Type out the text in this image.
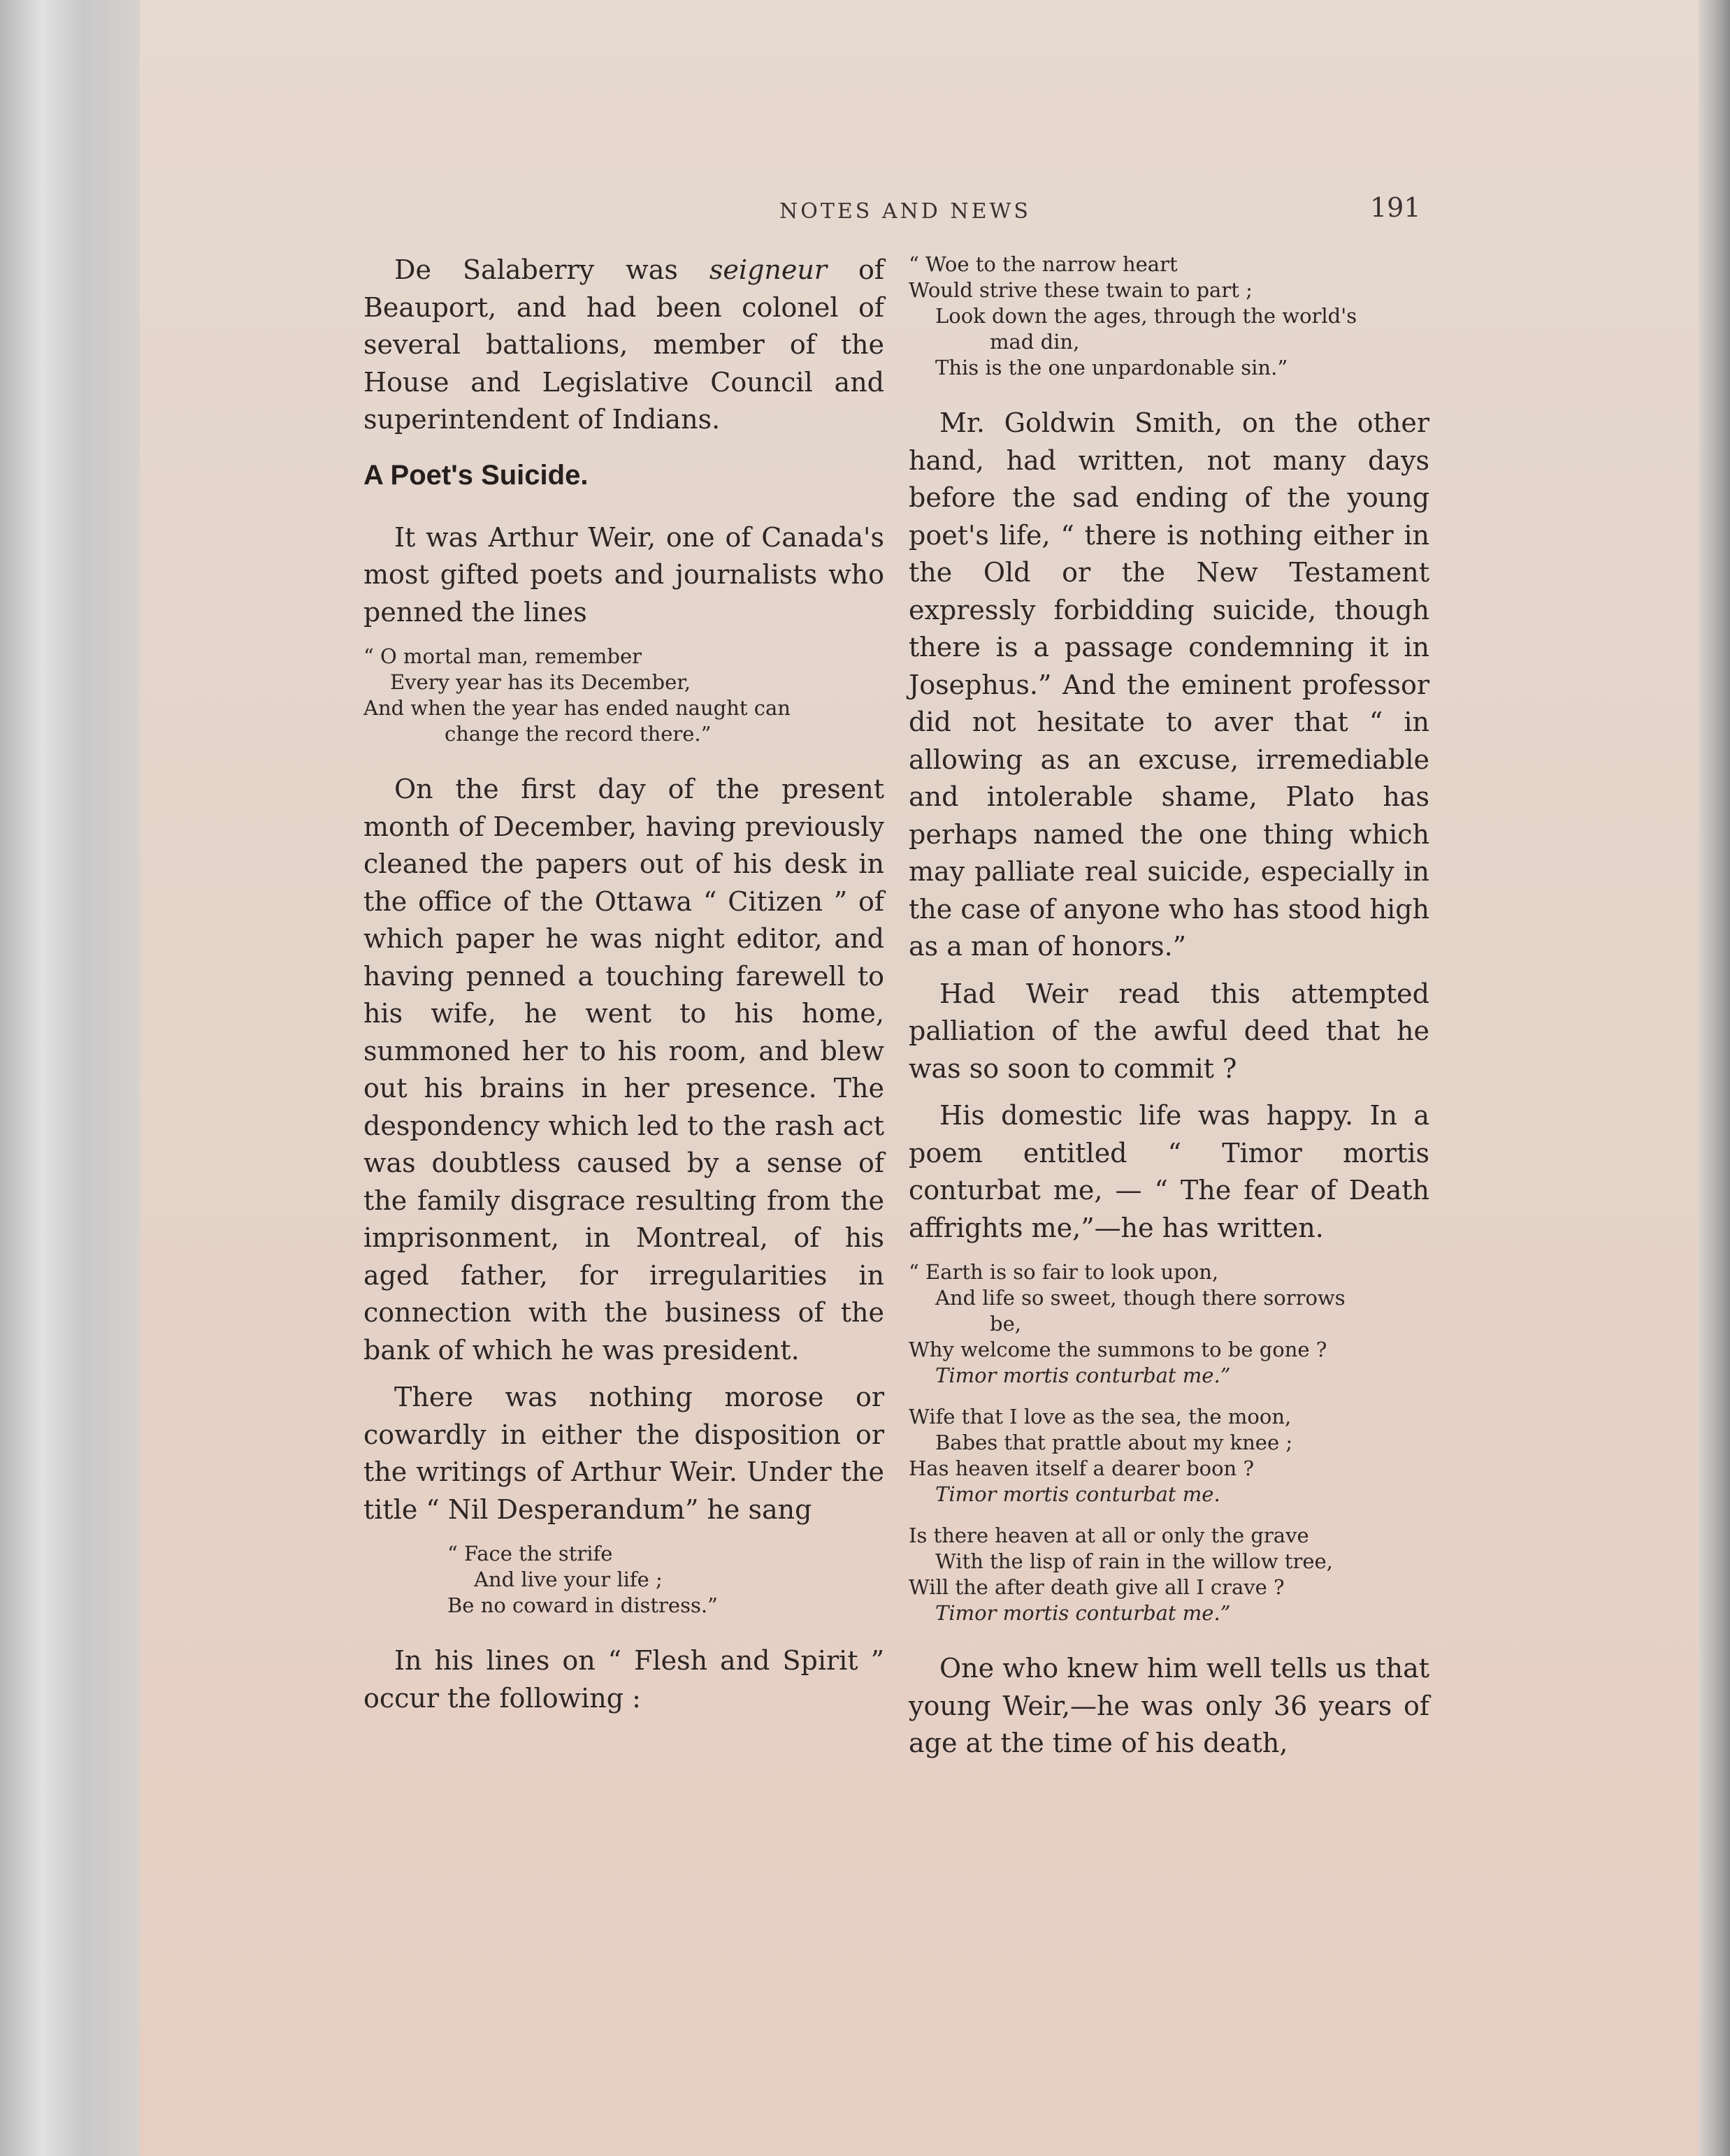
NOTES AND NEWS	191

De Salaberry was seigneur of Beauport, and had been colonel of several battalions, member of the House and Legislative Council and superintendent of Indians.

A Poet's Suicide.

It was Arthur Weir, one of Canada's most gifted poets and journalists who penned the lines

“ O mortal man, remember
Every year has its December,
And when the year has ended naught can
change the record there.”

On the first day of the present month of December, having previously cleaned the papers out of his desk in the office of the Ottawa “ Citizen ” of which paper he was night editor, and having penned a touching farewell to his wife, he went to his home, summoned her to his room, and blew out his brains in her presence. The despondency which led to the rash act was doubtless caused by a sense of the family disgrace resulting from the imprisonment, in Montreal, of his aged father, for irregularities in connection with the business of the bank of which he was president.

There was nothing morose or cowardly in either the disposition or the writings of Arthur Weir. Under the title “ Nil Desperandum” he sang

“ Face the strife
And live your life ;
Be no coward in distress.”

In his lines on “ Flesh and Spirit ” occur the following :

“ Woe to the narrow heart
Would strive these twain to part ;
Look down the ages, through the world's
mad din,
This is the one unpardonable sin.”

Mr. Goldwin Smith, on the other hand, had written, not many days before the sad ending of the young poet's life, “ there is nothing either in the Old or the New Testament expressly forbidding suicide, though there is a passage condemning it in Josephus.” And the eminent professor did not hesitate to aver that “ in allowing as an excuse, irremediable and intolerable shame, Plato has perhaps named the one thing which may palliate real suicide, especially in the case of anyone who has stood high as a man of honors.”

Had Weir read this attempted palliation of the awful deed that he was so soon to commit ?

His domestic life was happy. In a poem entitled “ Timor mortis conturbat me, — “ The fear of Death affrights me,”—he has written.

“ Earth is so fair to look upon,
And life so sweet, though there sorrows
be,
Why welcome the summons to be gone ?
Timor mortis conturbat me.”
Wife that I love as the sea, the moon,
Babes that prattle about my knee ;
Has heaven itself a dearer boon ?
Timor mortis conturbat me.
Is there heaven at all or only the grave
With the lisp of rain in the willow tree,
Will the after death give all I crave ?
Timor mortis conturbat me.”

One who knew him well tells us that young Weir,—he was only 36 years of age at the time of his death,
